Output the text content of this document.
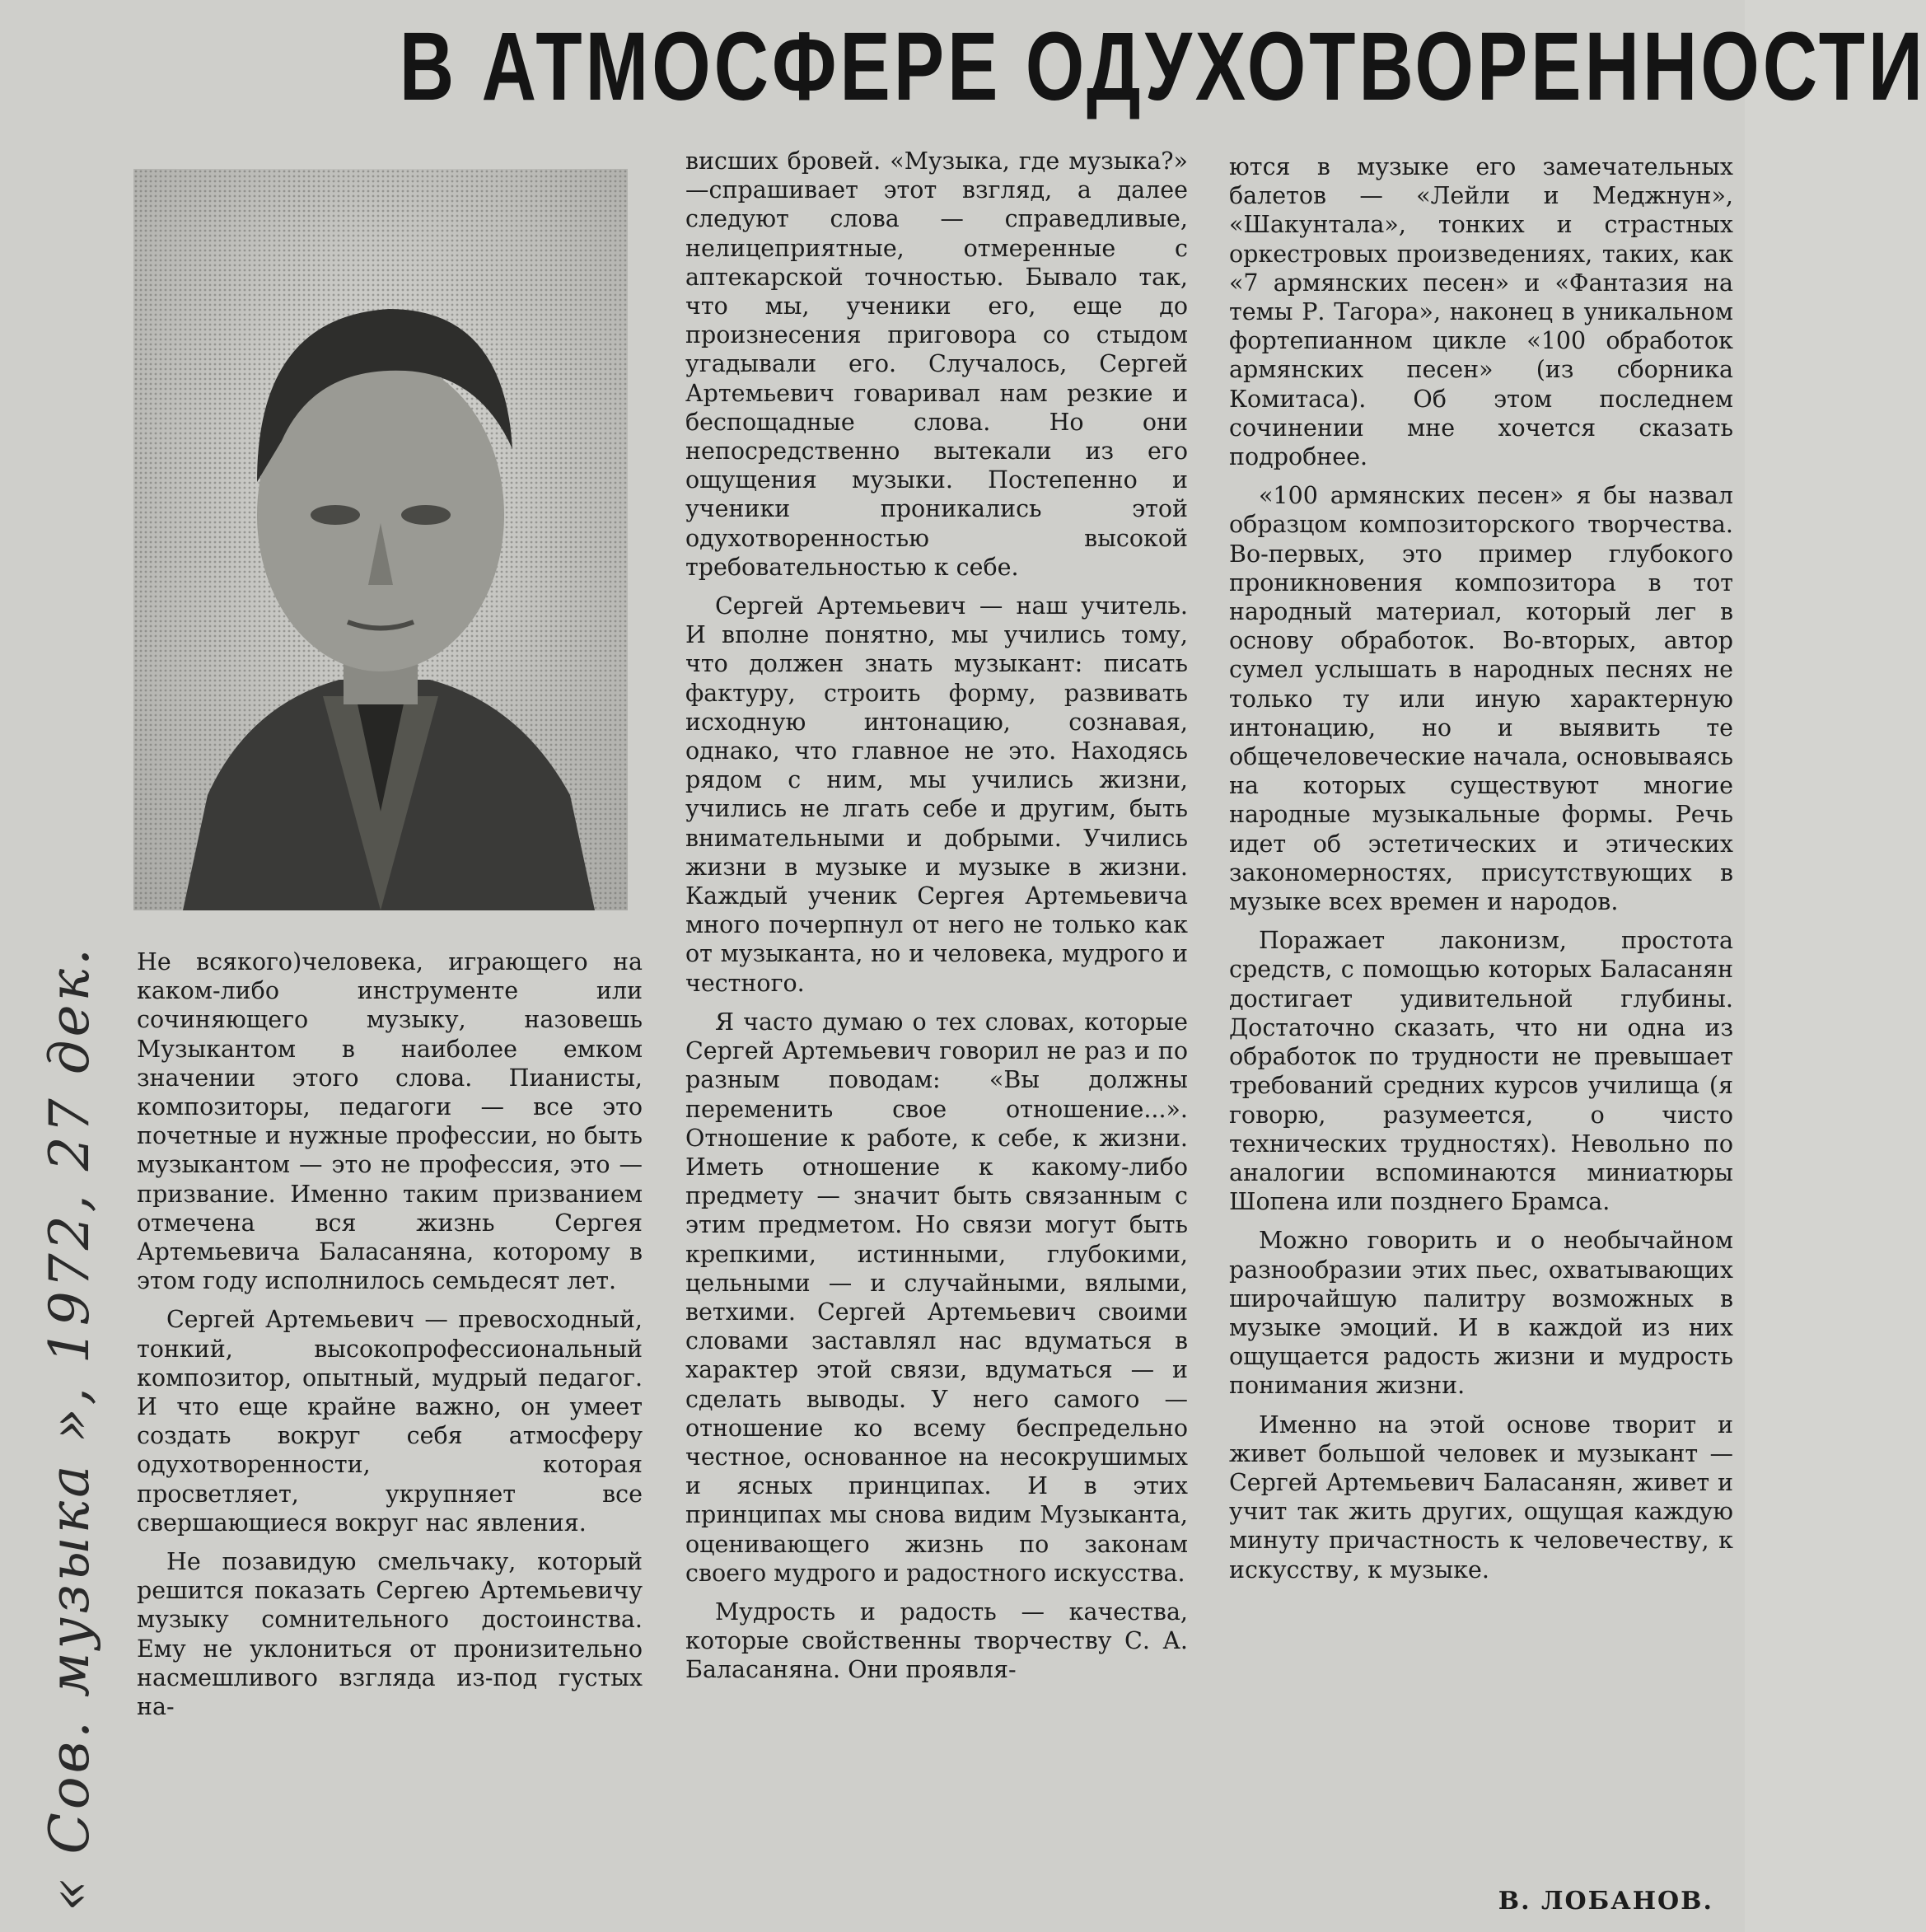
В АТМОСФЕРЕ ОДУХОТВОРЕННОСТИ
« Сов. музыка », 1972, 27 дек. Не всякого)человека, играющего на каком-либо инструменте или сочиняющего музыку, назовешь Музыкантом в наиболее емком значении этого слова. Пианисты, композиторы, педагоги — все это почетные и нужные профессии, но быть музыкантом — это не профессия, это — призвание. Именно таким призванием отмечена вся жизнь Сергея Артемьевича Баласаняна, которому в этом году исполнилось семьдесят лет.

Сергей Артемьевич — превосходный, тонкий, высокопрофессиональный композитор, опытный, мудрый педагог. И что еще крайне важно, он умеет создать вокруг себя атмосферу одухотворенности, которая просветляет, укрупняет все свершающиеся вокруг нас явления.

Не позавидую смельчаку, который решится показать Сергею Артемьевичу музыку сомнительного достоинства. Ему не уклониться от пронизительно насмешливого взгляда из-под густых на-

висших бровей. «Музыка, где музыка?» —спрашивает этот взгляд, а далее следуют слова — справедливые, нелицеприятные, отмеренные с аптекарской точностью. Бывало так, что мы, ученики его, еще до произнесения приговора со стыдом угадывали его. Случалось, Сергей Артемьевич говаривал нам резкие и беспощадные слова. Но они непосредственно вытекали из его ощущения музыки. Постепенно и ученики проникались этой одухотворенностью высокой требовательностью к себе.

Сергей Артемьевич — наш учитель. И вполне понятно, мы учились тому, что должен знать музыкант: писать фактуру, строить форму, развивать исходную интонацию, сознавая, однако, что главное не это. Находясь рядом с ним, мы учились жизни, учились не лгать себе и другим, быть внимательными и добрыми. Учились жизни в музыке и музыке в жизни. Каждый ученик Сергея Артемьевича много почерпнул от него не только как от музыканта, но и человека, мудрого и честного.

Я часто думаю о тех словах, которые Сергей Артемьевич говорил не раз и по разным поводам: «Вы должны переменить свое отношение...». Отношение к работе, к себе, к жизни. Иметь отношение к какому-либо предмету — значит быть связанным с этим предметом. Но связи могут быть крепкими, истинными, глубокими, цельными — и случайными, вялыми, ветхими. Сергей Артемьевич своими словами заставлял нас вдуматься в характер этой связи, вдуматься — и сделать выводы. У него самого — отношение ко всему беспредельно честное, основанное на несокрушимых и ясных принципах. И в этих принципах мы снова видим Музыканта, оценивающего жизнь по законам своего мудрого и радостного искусства.

Мудрость и радость — качества, которые свойственны творчеству С. А. Баласаняна. Они проявля-

ются в музыке его замечательных балетов — «Лейли и Меджнун», «Шакунтала», тонких и страстных оркестровых произведениях, таких, как «7 армянских песен» и «Фантазия на темы Р. Тагора», наконец в уникальном фортепианном цикле «100 обработок армянских песен» (из сборника Комитаса). Об этом последнем сочинении мне хочется сказать подробнее.

«100 армянских песен» я бы назвал образцом композиторского творчества. Во-первых, это пример глубокого проникновения композитора в тот народный материал, который лег в основу обработок. Во-вторых, автор сумел услышать в народных песнях не только ту или иную характерную интонацию, но и выявить те общечеловеческие начала, основываясь на которых существуют многие народные музыкальные формы. Речь идет об эстетических и этических закономерностях, присутствующих в музыке всех времен и народов.

Поражает лаконизм, простота средств, с помощью которых Баласанян достигает удивительной глубины. Достаточно сказать, что ни одна из обработок по трудности не превышает требований средних курсов училища (я говорю, разумеется, о чисто технических трудностях). Невольно по аналогии вспоминаются миниатюры Шопена или позднего Брамса.

Можно говорить и о необычайном разнообразии этих пьес, охватывающих широчайшую палитру возможных в музыке эмоций. И в каждой из них ощущается радость жизни и мудрость понимания жизни.

Именно на этой основе творит и живет большой человек и музыкант — Сергей Артемьевич Баласанян, живет и учит так жить других, ощущая каждую минуту причастность к человечеству, к искусству, к музыке.

В. ЛОБАНОВ.
